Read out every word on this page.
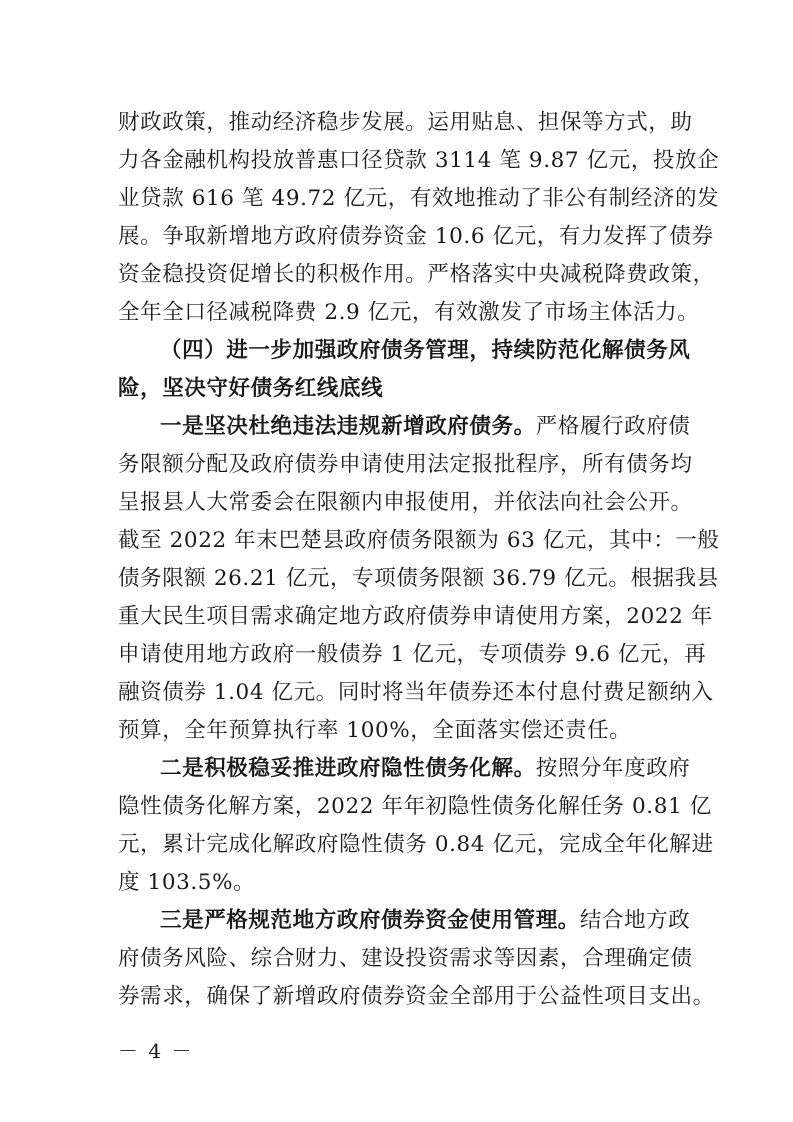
财政政策，推动经济稳步发展。运用贴息、担保等方式，助
力各金融机构投放普惠口径贷款 3114 笔 9.87 亿元，投放企
业贷款 616 笔 49.72 亿元，有效地推动了非公有制经济的发
展。争取新增地方政府债券资金 10.6 亿元，有力发挥了债券
资金稳投资促增长的积极作用。严格落实中央减税降费政策，
全年全口径减税降费 2.9 亿元，有效激发了市场主体活力。
（四）进一步加强政府债务管理，持续防范化解债务风
险，坚决守好债务红线底线
一是坚决杜绝违法违规新增政府债务。严格履行政府债
务限额分配及政府债券申请使用法定报批程序，所有债务均
呈报县人大常委会在限额内申报使用，并依法向社会公开。
截至 2022 年末巴楚县政府债务限额为 63 亿元，其中：一般
债务限额 26.21 亿元，专项债务限额 36.79 亿元。根据我县
重大民生项目需求确定地方政府债券申请使用方案，2022 年
申请使用地方政府一般债券 1 亿元，专项债券 9.6 亿元，再
融资债券 1.04 亿元。同时将当年债券还本付息付费足额纳入
预算，全年预算执行率 100%，全面落实偿还责任。
二是积极稳妥推进政府隐性债务化解。按照分年度政府
隐性债务化解方案，2022 年年初隐性债务化解任务 0.81 亿
元，累计完成化解政府隐性债务 0.84 亿元，完成全年化解进
度 103.5%。
三是严格规范地方政府债券资金使用管理。结合地方政
府债务风险、综合财力、建设投资需求等因素，合理确定债
券需求，确保了新增政府债券资金全部用于公益性项目支出。
－ 4 －
